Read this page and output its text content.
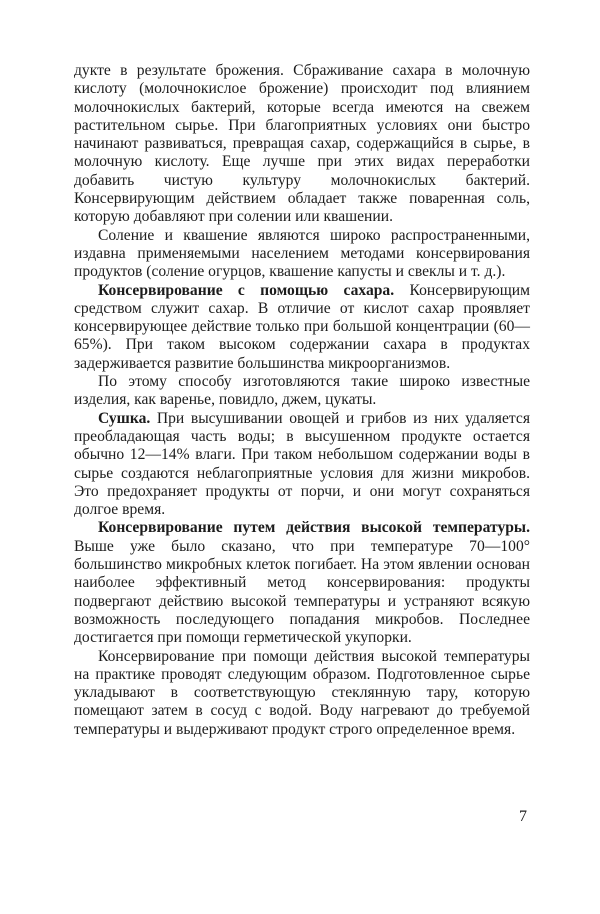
дукте в результате брожения. Сбраживание сахара в молочную кислоту (молочнокислое брожение) происходит под влиянием молочнокислых бактерий, которые всегда имеются на свежем растительном сырье. При благоприятных условиях они быстро начинают развиваться, превращая сахар, содержащийся в сырье, в молочную кислоту. Еще лучше при этих видах переработки добавить чистую культуру молочнокислых бактерий. Консервирующим действием обладает также поваренная соль, которую добавляют при солении или квашении.

Соление и квашение являются широко распространенными, издавна применяемыми населением методами консервирования продуктов (соление огурцов, квашение капусты и свеклы и т. д.).

Консервирование с помощью сахара. Консервирующим средством служит сахар. В отличие от кислот сахар проявляет консервирующее действие только при большой концентрации (60—65%). При таком высоком содержании сахара в продуктах задерживается развитие большинства микроорганизмов.

По этому способу изготовляются такие широко известные изделия, как варенье, повидло, джем, цукаты.

Сушка. При высушивании овощей и грибов из них удаляется преобладающая часть воды; в высушенном продукте остается обычно 12—14% влаги. При таком небольшом содержании воды в сырье создаются неблагоприятные условия для жизни микробов. Это предохраняет продукты от порчи, и они могут сохраняться долгое время.

Консервирование путем действия высокой температуры. Выше уже было сказано, что при температуре 70—100° большинство микробных клеток погибает. На этом явлении основан наиболее эффективный метод консервирования: продукты подвергают действию высокой температуры и устраняют всякую возможность последующего попадания микробов. Последнее достигается при помощи герметической укупорки.

Консервирование при помощи действия высокой температуры на практике проводят следующим образом. Подготовленное сырье укладывают в соответствующую стеклянную тару, которую помещают затем в сосуд с водой. Воду нагревают до требуемой температуры и выдерживают продукт строго определенное время.

7
